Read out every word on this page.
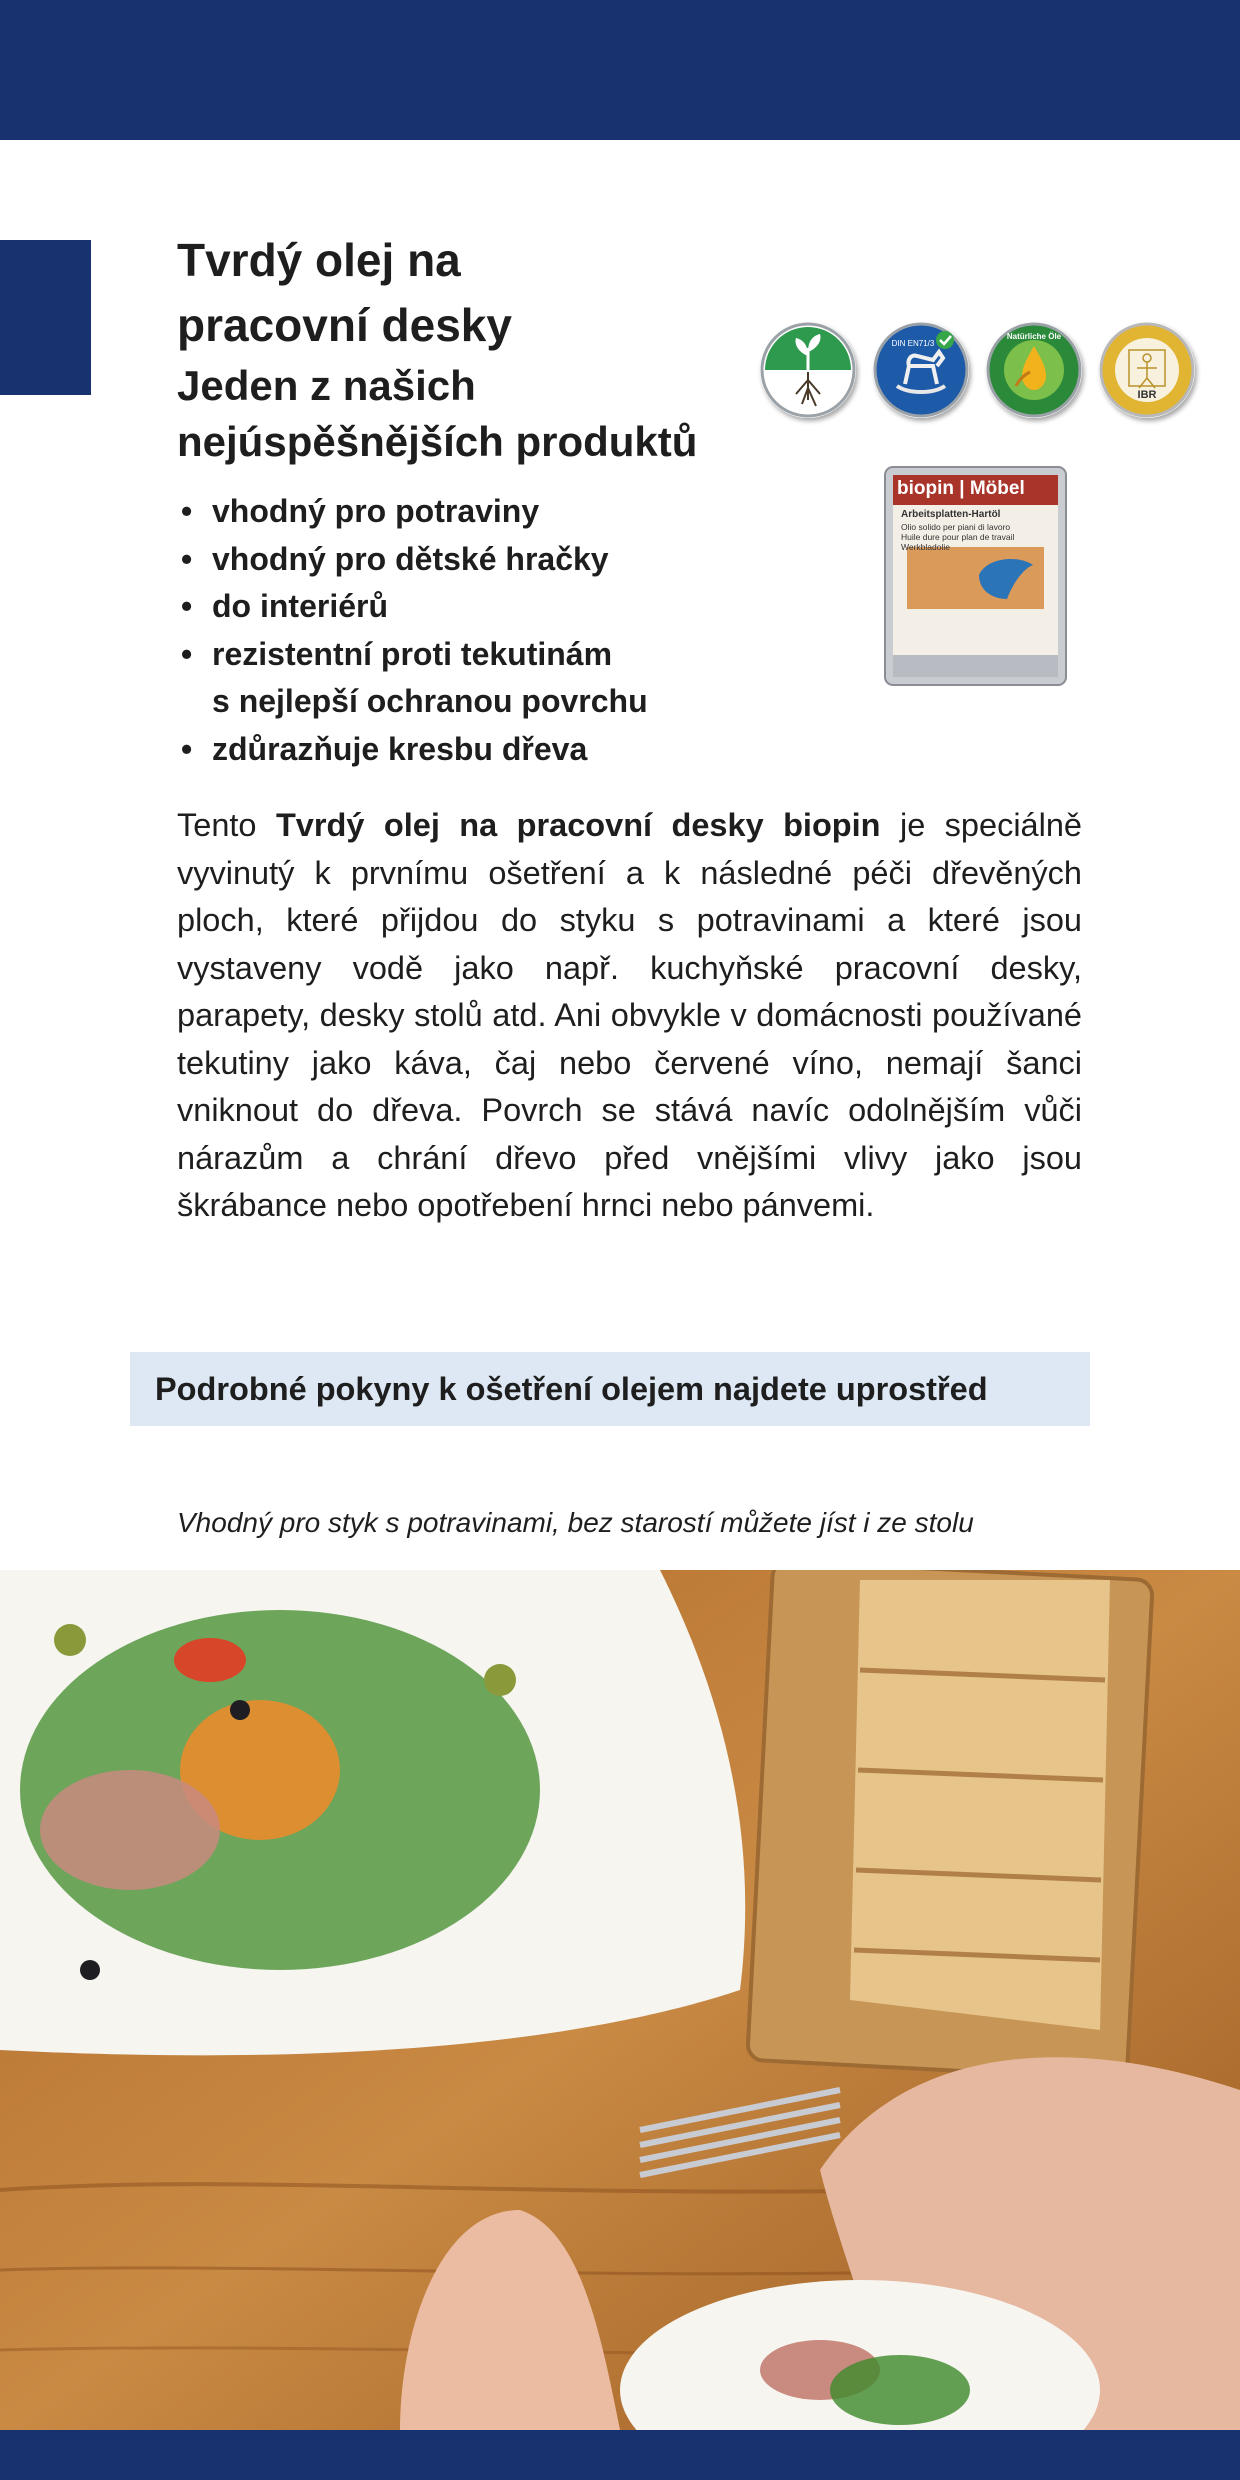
Tvrdý olej na

pracovní desky

Jeden z našich

nejúspěšnějších produktů

• vhodný pro potraviny
• vhodný pro dětské hračky
• do interiérů
• rezistentní proti tekutinám
s nejlepší ochranou povrchu
• zdůrazňuje kresbu dřeva
DIN EN71/3
Natürliche Öle
IBR
biopin | Möbel
Arbeitsplatten-Hartöl
Olio solido per piani di lavoro
Huile dure pour plan de travail
Werkbladolie

Tento Tvrdý olej na pracovní desky biopin je speciálně vyvinutý k prvnímu ošetření a k následné péči dřevěných ploch, které přijdou do styku s potravinami a které jsou vystaveny vodě jako např. kuchyňské pracovní desky, parapety, desky stolů atd. Ani obvykle v domácnosti používané tekutiny jako káva, čaj nebo červené víno, nemají šanci vniknout do dřeva. Povrch se stává navíc odolnějším vůči nárazům a chrání dřevo před vnějšími vlivy jako jsou škrábance nebo opotřebení hrnci nebo pánvemi.

Podrobné pokyny k ošetření olejem najdete uprostřed
Vhodný pro styk s potravinami, bez starostí můžete jíst i ze stolu
